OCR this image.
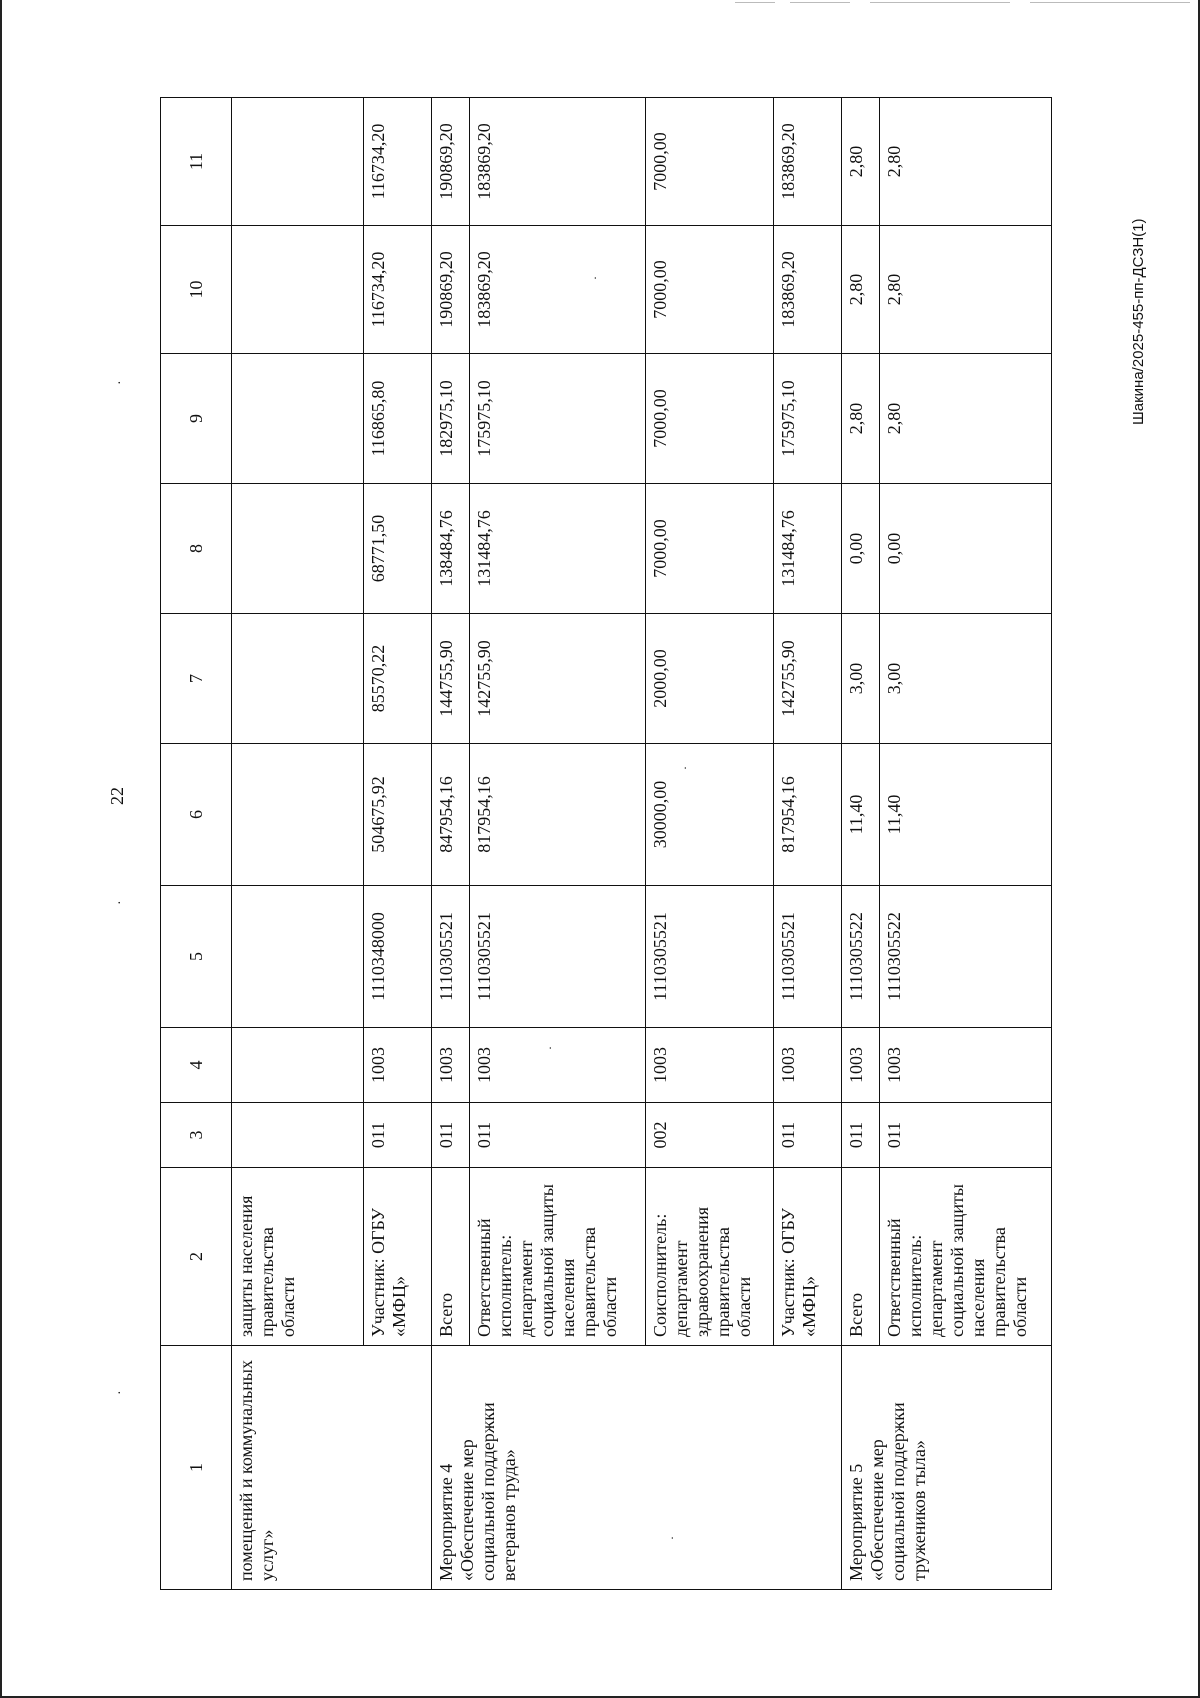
·
·
22
·
1	2	3	4	5	6	7	8	9	10	11
помещений и коммунальных услуг»	защиты населения правительства области									
	Участник: ОГБУ «МФЦ»	011	1003	1110348000	504675,92	85570,22	68771,50	116865,80	116734,20	116734,20
Мероприятие 4 «Обеспечение мер социальной поддержки ветеранов труда»	Всего	011	1003	1110305521	847954,16	144755,90	138484,76	182975,10	190869,20	190869,20
	Ответственный исполнитель: департамент социальной защиты населения правительства области	011	1003	1110305521	817954,16	142755,90	131484,76	175975,10	183869,20	183869,20
	Соисполнитель: департамент здравоохранения правительства области	002	1003	1110305521	30000,00	2000,00	7000,00	7000,00	7000,00	7000,00
	Участник: ОГБУ «МФЦ»	011	1003	1110305521	817954,16	142755,90	131484,76	175975,10	183869,20	183869,20
Мероприятие 5 «Обеспечение мер социальной поддержки тружеников тыла»	Всего	011	1003	1110305522	11,40	3,00	0,00	2,80	2,80	2,80
	Ответственный исполнитель: департамент социальной защиты населения правительства области	011	1003	1110305522	11,40	3,00	0,00	2,80	2,80	2,80
·
·
·
·	Шакина/2025-455-пп-ДСЗН(1)
